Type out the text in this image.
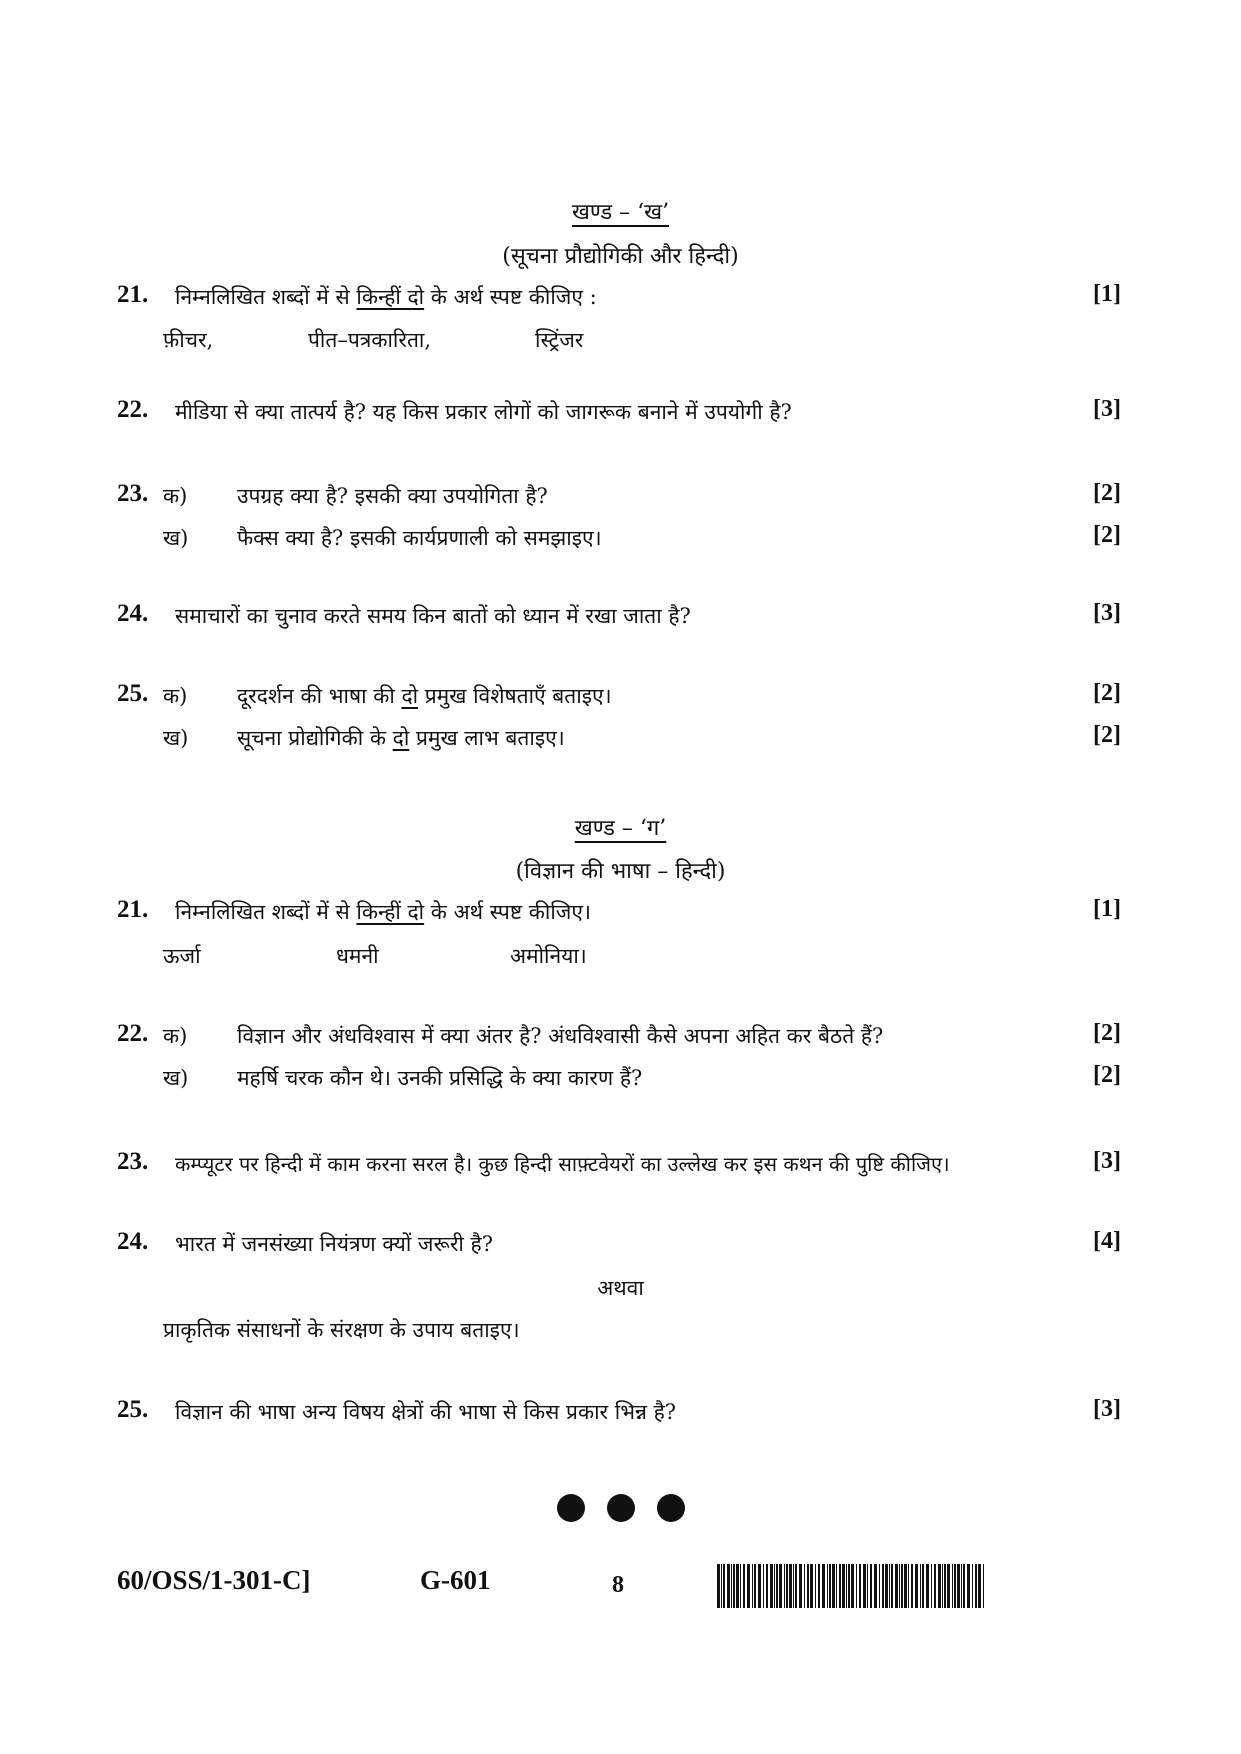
खण्ड – ‘ख’
(सूचना प्रौद्योगिकी और हिन्दी)
21. निम्नलिखित शब्दों में से किन्हीं दो के अर्थ स्पष्ट कीजिए :	[1]
फ़ीचर,	पीत–पत्रकारिता,	स्ट्रिंजर
22. मीडिया से क्या तात्पर्य है? यह किस प्रकार लोगों को जागरूक बनाने में उपयोगी है?	[3]
23. क) उपग्रह क्या है? इसकी क्या उपयोगिता है?	[2]
ख) फैक्स क्या है? इसकी कार्यप्रणाली को समझाइए।	[2]
24. समाचारों का चुनाव करते समय किन बातों को ध्यान में रखा जाता है?	[3]
25. क) दूरदर्शन की भाषा की दो प्रमुख विशेषताएँ बताइए।	[2]
ख) सूचना प्रोद्योगिकी के दो प्रमुख लाभ बताइए।	[2]
खण्ड – ‘ग’
(विज्ञान की भाषा – हिन्दी)
21. निम्नलिखित शब्दों में से किन्हीं दो के अर्थ स्पष्ट कीजिए।	[1]
ऊर्जा	धमनी	अमोनिया।
22. क) विज्ञान और अंधविश्वास में क्या अंतर है? अंधविश्वासी कैसे अपना अहित कर बैठते हैं?	[2]
ख) महर्षि चरक कौन थे। उनकी प्रसिद्धि के क्या कारण हैं?	[2]
23. कम्प्यूटर पर हिन्दी में काम करना सरल है। कुछ हिन्दी साफ़्टवेयरों का उल्लेख कर इस कथन की पुष्टि कीजिए।	[3]
24. भारत में जनसंख्या नियंत्रण क्यों जरूरी है?	[4]
अथवा
प्राकृतिक संसाधनों के संरक्षण के उपाय बताइए।
25. विज्ञान की भाषा अन्य विषय क्षेत्रों की भाषा से किस प्रकार भिन्न है?	[3]
60/OSS/1-301-C]	G-601	8
